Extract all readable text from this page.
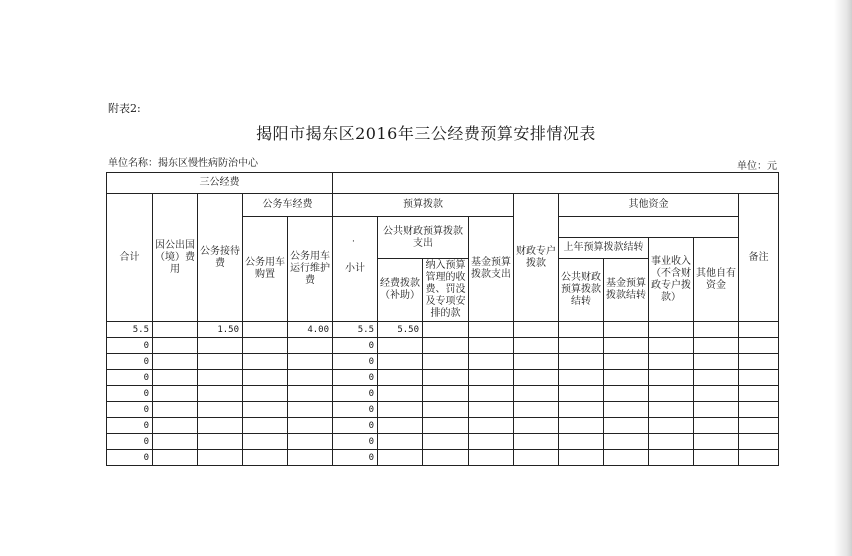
附表2:
揭阳市揭东区2016年三公经费预算安排情况表
单位名称：揭东区慢性病防治中心	单位：元
·
三公经费														
合计	因公出国（境）费用	公务接待费	公务车经费		预算拨款				财政专户拨款	其他资金				备注
			公务用车购置	公务用车运行维护费	小计	公共财政预算拨款支出		基金预算拨款支出						
										上年预算拨款结转		事业收入（不含财政专户拨款）	其他自有资金	
						经费拨款（补助）	纳入预算管理的收费、罚没及专项安排的款			公共财政预算拨款结转	基金预算拨款结转			
5.5		1.50		4.00	5.5	5.50								
0					0									
0					0									
0					0									
0					0									
0					0									
0					0									
0					0									
0					0									
